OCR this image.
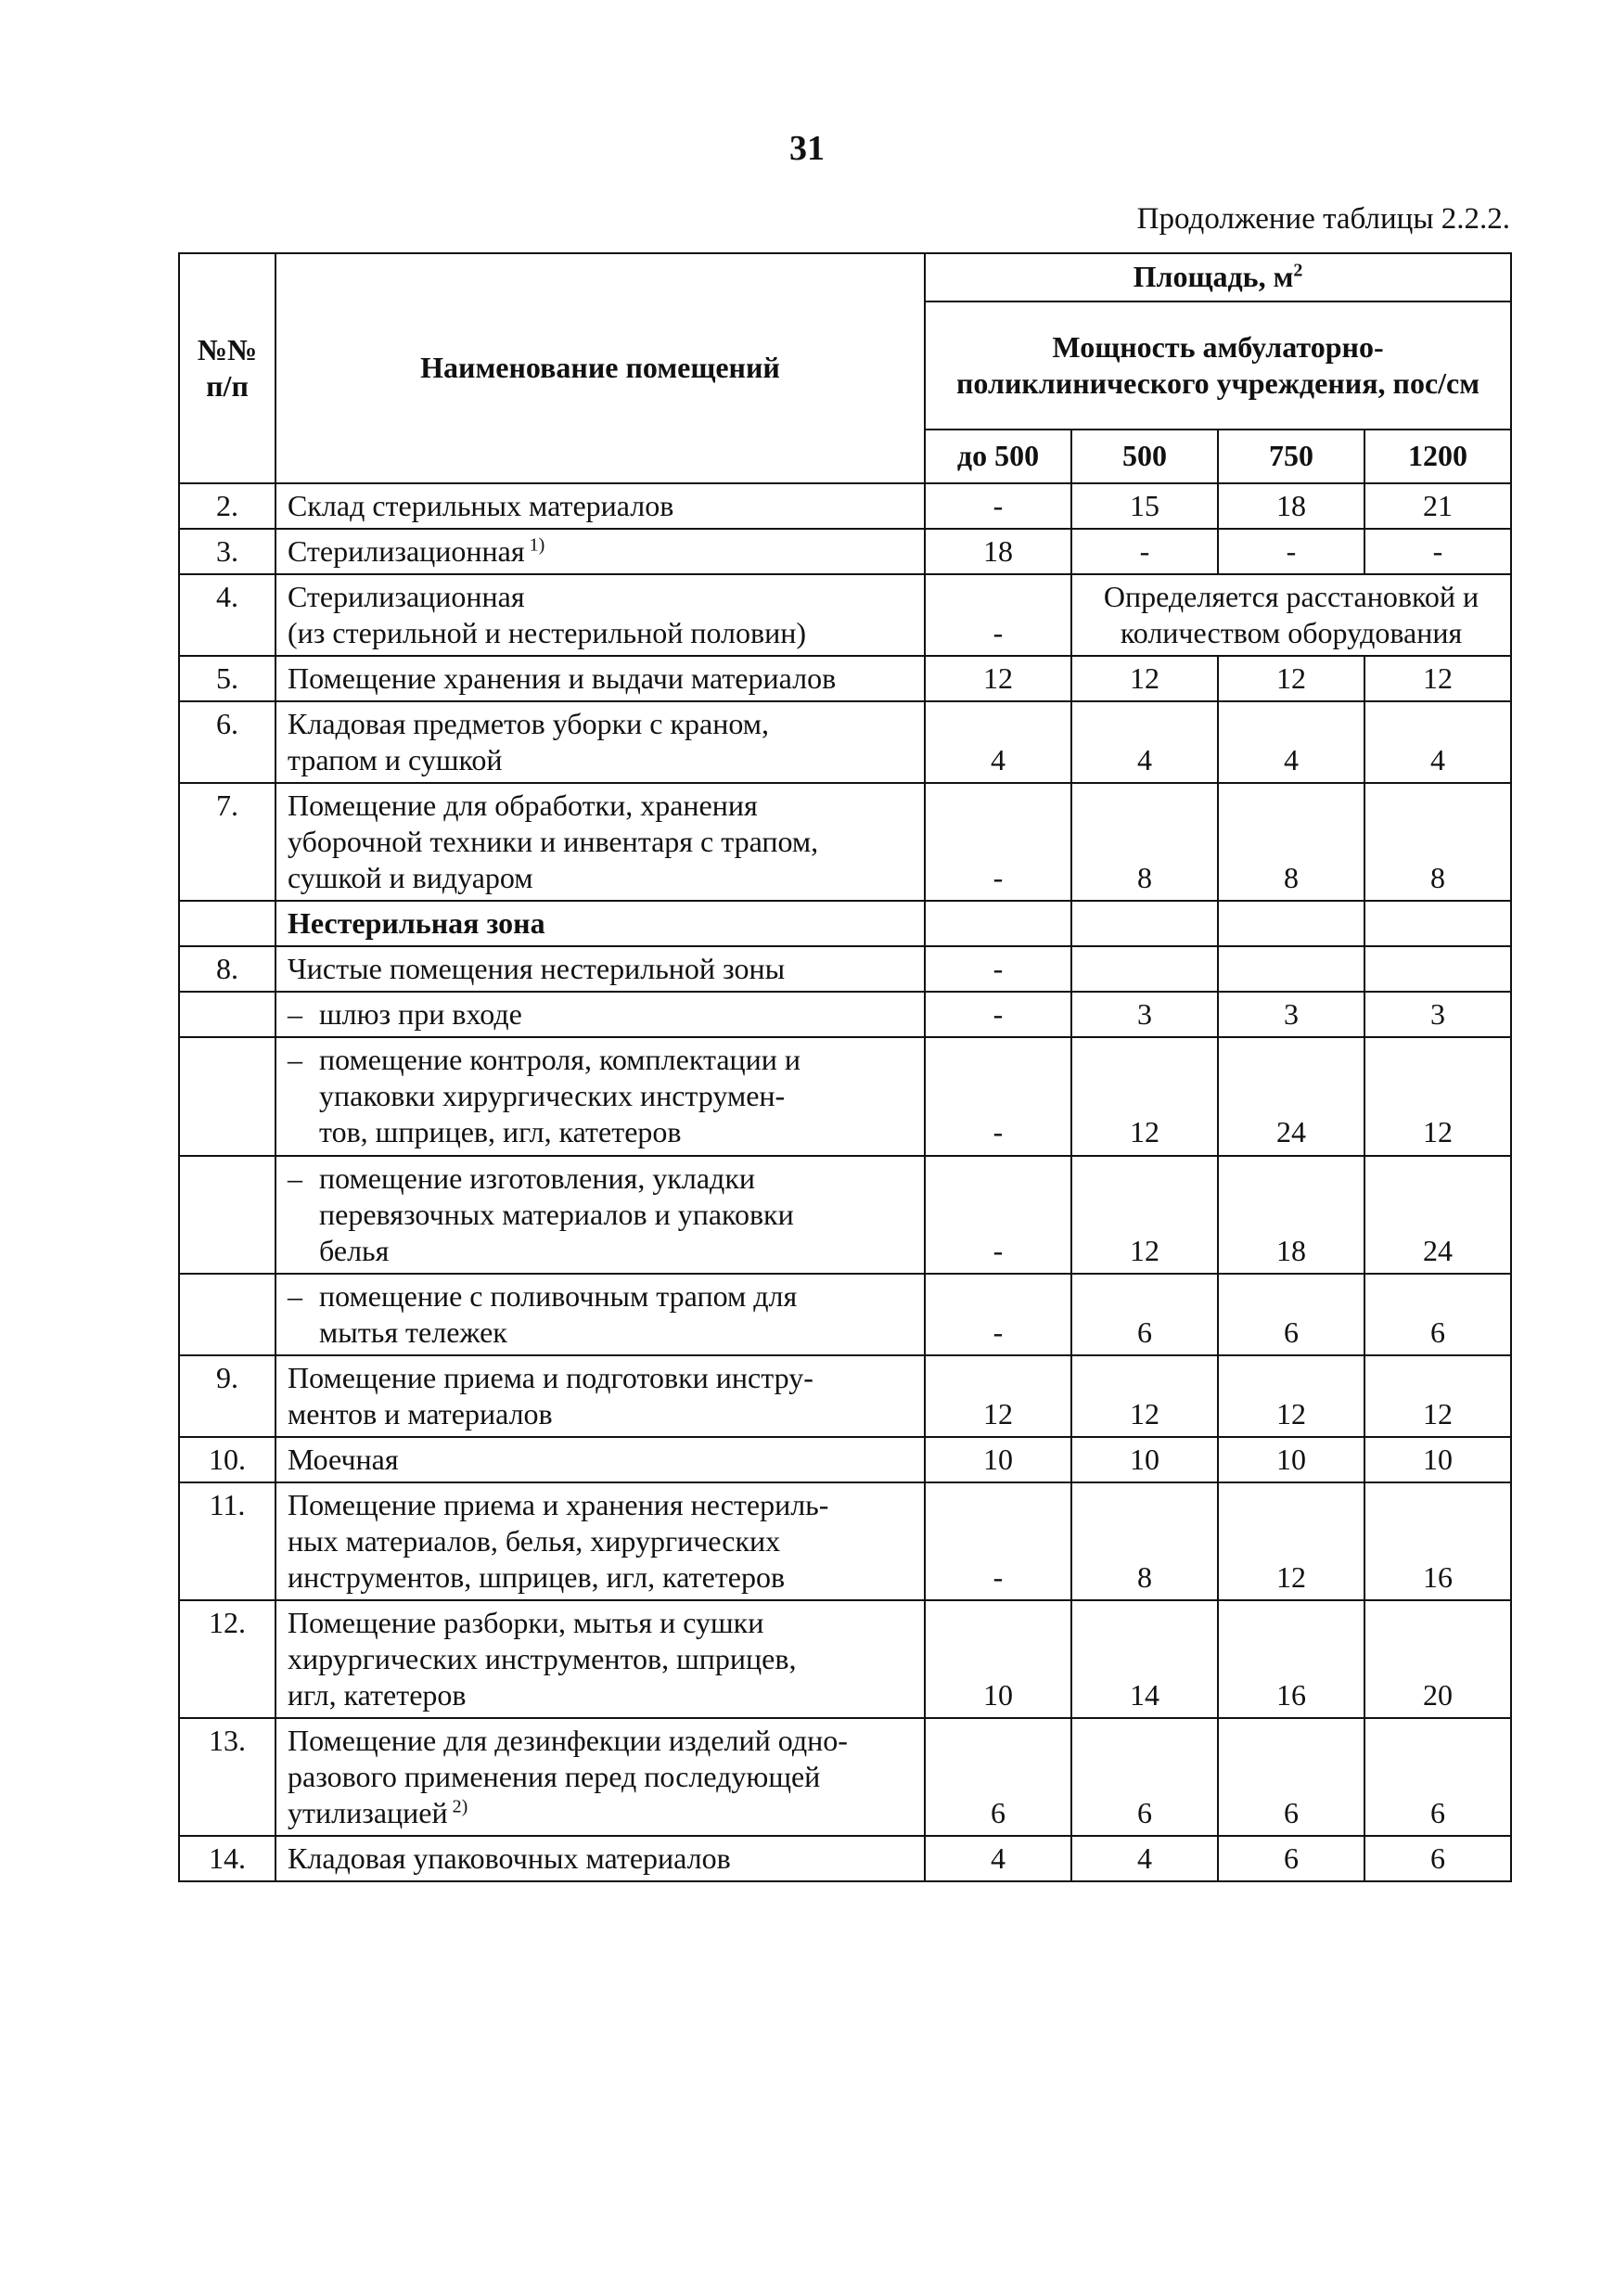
31
Продолжение таблицы 2.2.2.
№№ п/п	Наименование помещений	Площадь, $м^2$
		Мощность амбулаторно-поликлинического учреждения, пос/см			
		до 500	500	750	1200
2.	Склад стерильных материалов	-	15	18	21
3.	Стерилизационная $^{1)}$	18	-	-	-
4.	Стерилизационная
(из стерильной и нестерильной половин)	-	Определяется расстановкой и количеством оборудования		
5.	Помещение хранения и выдачи материалов	12	12	12	12
6.	Кладовая предметов уборки с краном,
трапом и сушкой	4	4	4	4
7.	Помещение для обработки, хранения
уборочной техники и инвентаря с трапом,
сушкой и видуаром	-	8	8	8

	Нестерильная зона				

8.	Чистые помещения нестерильной зоны	-			

	– шлюз при входе	-	3	3	3

	– помещение контроля, комплектации и
упаковки хирургических инструмен-
тов, шприцев, игл, катетеров	-	12	24	12

	– помещение изготовления, укладки
перевязочных материалов и упаковки
белья	-	12	18	24

	– помещение с поливочным трапом для
мытья тележек	-	6	6	6
9.	Помещение приема и подготовки инстру-
ментов и материалов	12	12	12	12
10.	Моечная	10	10	10	10
11.	Помещение приема и хранения нестериль-
ных материалов, белья, хирургических
инструментов, шприцев, игл, катетеров	-	8	12	16
12.	Помещение разборки, мытья и сушки
хирургических инструментов, шприцев,
игл, катетеров	10	14	16	20
13.	Помещение для дезинфекции изделий одно-
разового применения перед последующей
утилизацией $^{2)}$	6	6	6	6
14.	Кладовая упаковочных материалов	4	4	6	6
